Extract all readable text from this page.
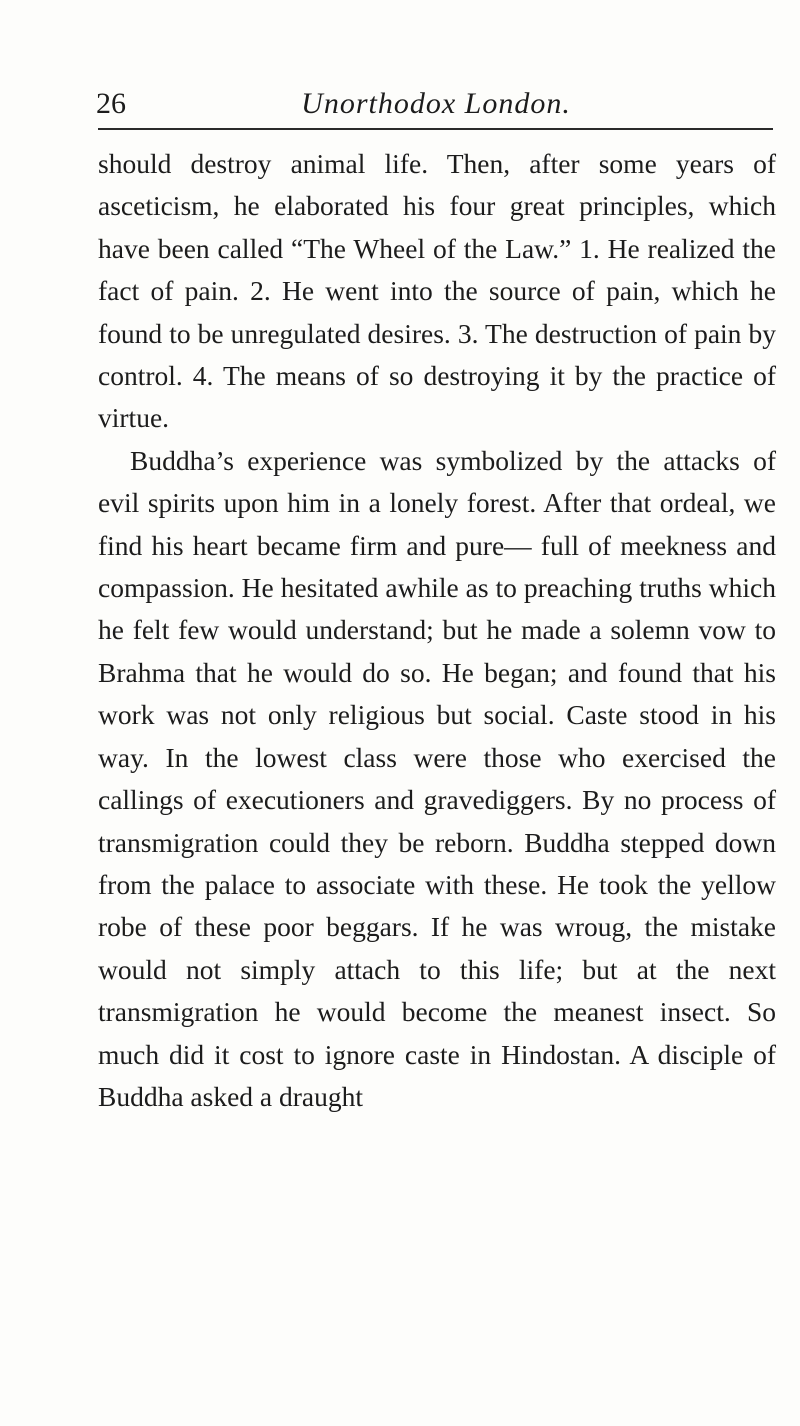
26	Unorthodox London.

should destroy animal life. Then, after some years of asceticism, he elaborated his four great principles, which have been called “The Wheel of the Law.” 1. He realized the fact of pain. 2. He went into the source of pain, which he found to be unregulated desires. 3. The destruction of pain by control. 4. The means of so destroying it by the practice of virtue.

Buddha’s experience was symbolized by the attacks of evil spirits upon him in a lonely forest. After that ordeal, we find his heart became firm and pure— full of meekness and compassion. He hesitated awhile as to preaching truths which he felt few would understand; but he made a solemn vow to Brahma that he would do so. He began; and found that his work was not only religious but social. Caste stood in his way. In the lowest class were those who exercised the callings of executioners and gravediggers. By no process of transmigration could they be reborn. Buddha stepped down from the palace to associate with these. He took the yellow robe of these poor beggars. If he was wroug, the mistake would not simply attach to this life; but at the next transmigration he would become the meanest insect. So much did it cost to ignore caste in Hindostan. A disciple of Buddha asked a draught
